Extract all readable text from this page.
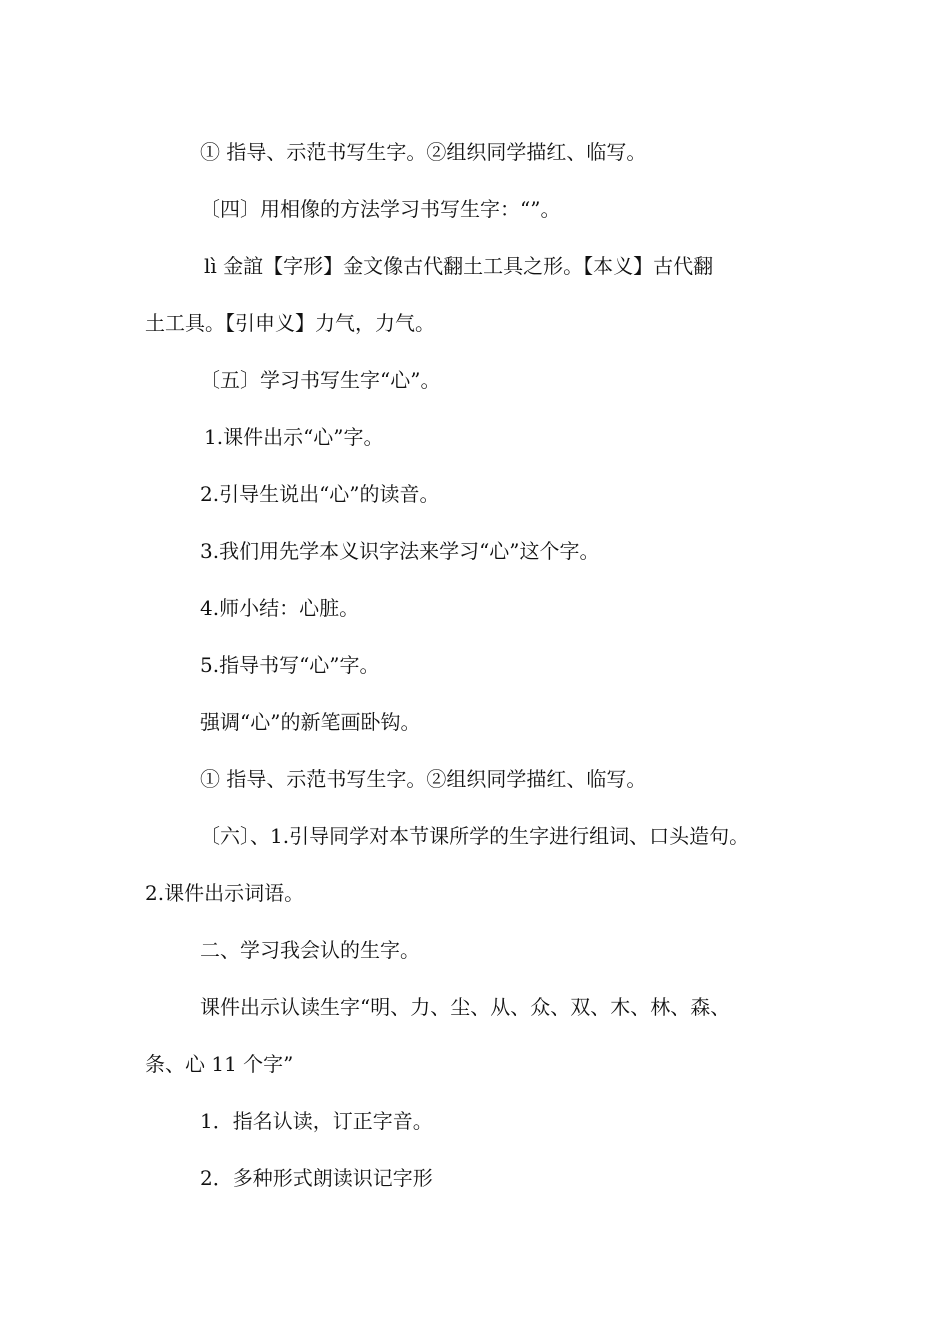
① 指导、示范书写生字。②组织同学描红、临写。
〔四〕用相像的方法学习书写生字：“”。
lì 金誼【字形】金文像古代翻土工具之形。【本义】古代翻
土工具。【引申义】力气，力气。
〔五〕学习书写生字“心”。
1.课件出示“心”字。
2.引导生说出“心”的读音。
3.我们用先学本义识字法来学习“心”这个字。
4.师小结：心脏。
5.指导书写“心”字。
强调“心”的新笔画卧钩。
① 指导、示范书写生字。②组织同学描红、临写。
〔六〕、1.引导同学对本节课所学的生字进行组词、口头造句。
2.课件出示词语。
二、学习我会认的生字。
课件出示认读生字“明、力、尘、从、众、双、木、林、森、
条、心 11 个字”
1．指名认读，订正字音。
2．多种形式朗读识记字形
